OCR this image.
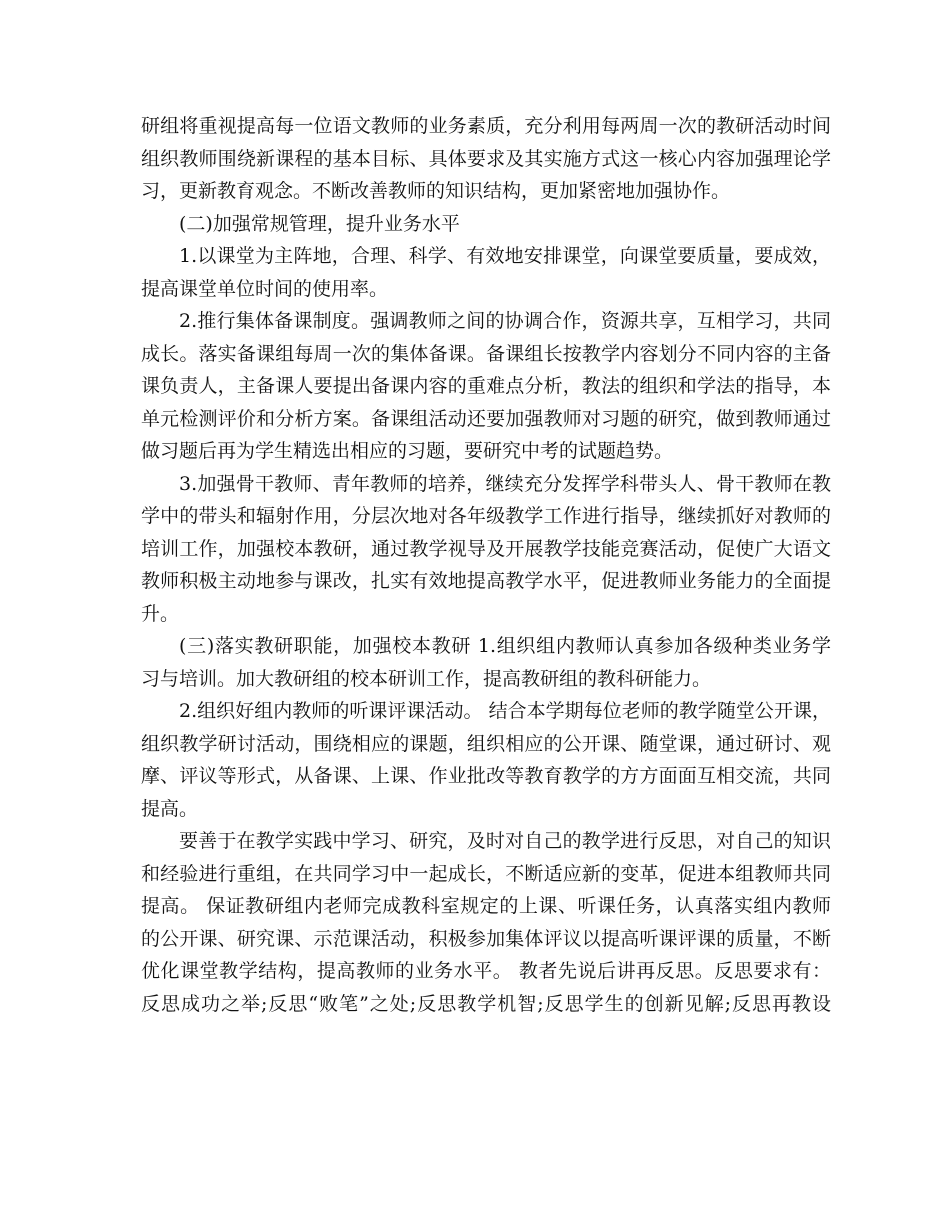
研组将重视提高每一位语文教师的业务素质，充分利用每两周一次的教研活动时间
组织教师围绕新课程的基本目标、具体要求及其实施方式这一核心内容加强理论学
习，更新教育观念。不断改善教师的知识结构，更加紧密地加强协作。
(二)加强常规管理，提升业务水平
1.以课堂为主阵地，合理、科学、有效地安排课堂，向课堂要质量，要成效，
提高课堂单位时间的使用率。
2.推行集体备课制度。强调教师之间的协调合作，资源共享，互相学习，共同
成长。落实备课组每周一次的集体备课。备课组长按教学内容划分不同内容的主备
课负责人，主备课人要提出备课内容的重难点分析，教法的组织和学法的指导，本
单元检测评价和分析方案。备课组活动还要加强教师对习题的研究，做到教师通过
做习题后再为学生精选出相应的习题，要研究中考的试题趋势。
3.加强骨干教师、青年教师的培养，继续充分发挥学科带头人、骨干教师在教
学中的带头和辐射作用，分层次地对各年级教学工作进行指导，继续抓好对教师的
培训工作，加强校本教研，通过教学视导及开展教学技能竞赛活动，促使广大语文
教师积极主动地参与课改，扎实有效地提高教学水平，促进教师业务能力的全面提
升。
(三)落实教研职能，加强校本教研 1.组织组内教师认真参加各级种类业务学
习与培训。加大教研组的校本研训工作，提高教研组的教科研能力。
2.组织好组内教师的听课评课活动。 结合本学期每位老师的教学随堂公开课，
组织教学研讨活动，围绕相应的课题，组织相应的公开课、随堂课，通过研讨、观
摩、评议等形式，从备课、上课、作业批改等教育教学的方方面面互相交流，共同
提高。
要善于在教学实践中学习、研究，及时对自己的教学进行反思，对自己的知识
和经验进行重组，在共同学习中一起成长，不断适应新的变革，促进本组教师共同
提高。 保证教研组内老师完成教科室规定的上课、听课任务，认真落实组内教师
的公开课、研究课、示范课活动，积极参加集体评议以提高听课评课的质量，不断
优化课堂教学结构，提高教师的业务水平。 教者先说后讲再反思。反思要求有：
反思成功之举;反思“败笔”之处;反思教学机智;反思学生的创新见解;反思再教设
